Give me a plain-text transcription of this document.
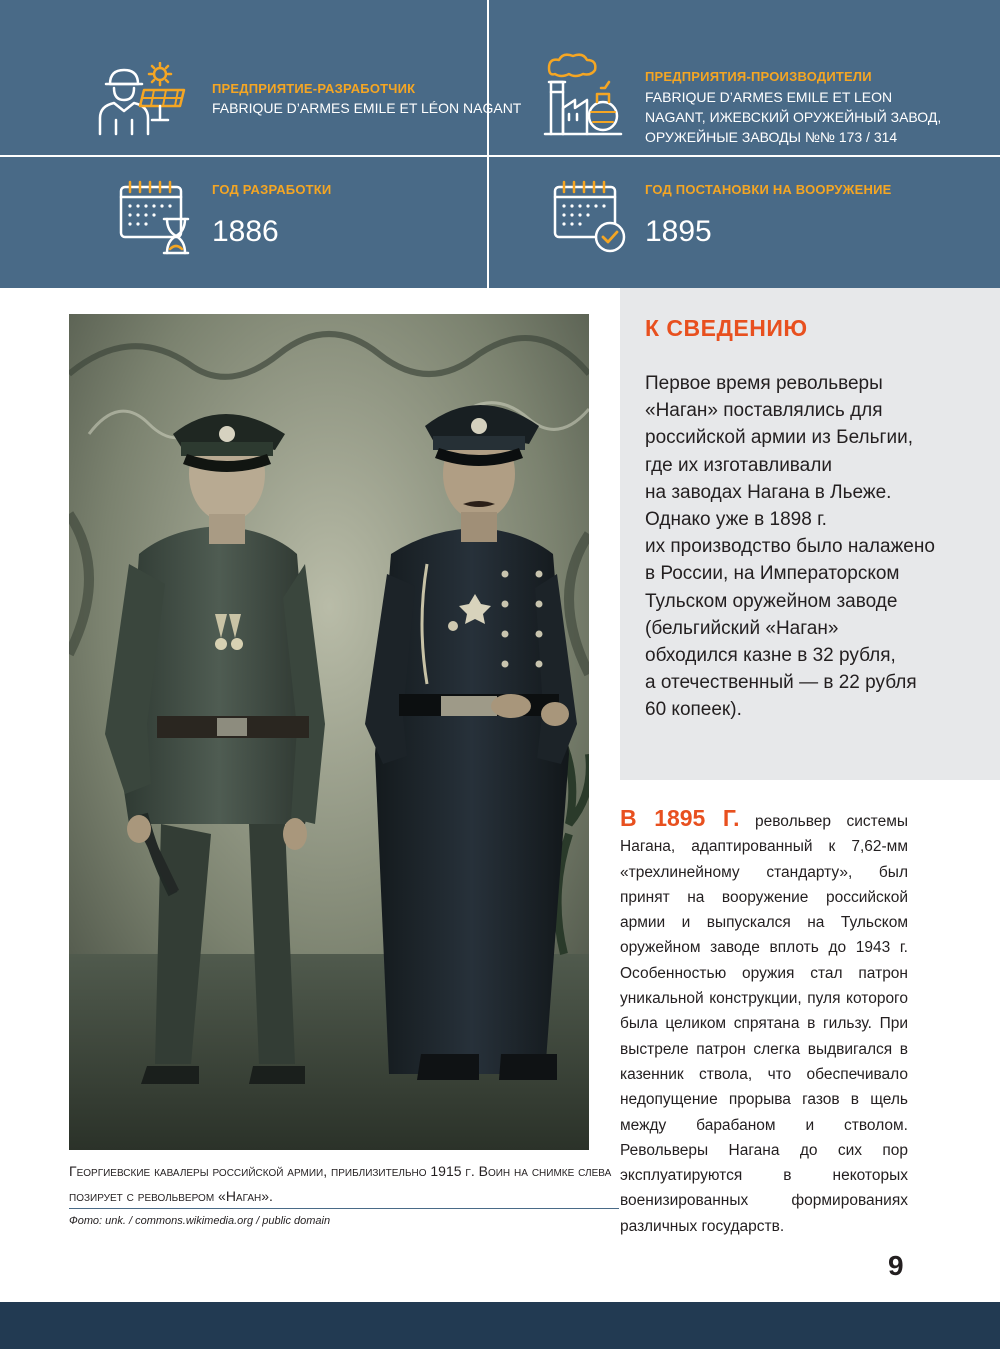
ПРЕДПРИЯТИЕ-РАЗРАБОТЧИК
FABRIQUE D’ARMES EMILE ET LÉON NAGANT
ПРЕДПРИЯТИЯ-ПРОИЗВОДИТЕЛИ
FABRIQUE D’ARMES EMILE ET LEON
NAGANT, ИЖЕВСКИЙ ОРУЖЕЙНЫЙ ЗАВОД,
ОРУЖЕЙНЫЕ ЗАВОДЫ №№ 173 / 314
ГОД РАЗРАБОТКИ
1886
ГОД ПОСТАНОВКИ НА ВООРУЖЕНИЕ
1895
Георгиевские кавалеры российской армии, приблизительно 1915 г. Воин на снимке слева позирует с револьвером «Наган».
Фото: unk. / commons.wikimedia.org / public domain
К СВЕДЕНИЮ
Первое время револьверы
«Наган» поставлялись для
российской армии из Бельгии,
где их изготавливали
на заводах Нагана в Льеже.
Однако уже в 1898 г.
их производство было налажено
в России, на Императорском
Тульском оружейном заводе
(бельгийский «Наган»
обходился казне в 32 рубля,
а отечественный — в 22 рубля
60 копеек).
В 1895 Г. револьвер системы Нагана, адаптированный к 7,62-мм «трехлинейному стандарту», был принят на вооружение российской армии и выпускался на Тульском оружейном заводе вплоть до 1943 г. Особенностью оружия стал патрон уникальной конструкции, пуля которого была целиком спрятана в гильзу. При выстреле патрон слегка выдвигался в казенник ствола, что обеспечивало недопущение прорыва газов в щель между барабаном и стволом. Револьверы Нагана до сих пор эксплуатируются в некоторых военизированных формированиях различных государств.
9
